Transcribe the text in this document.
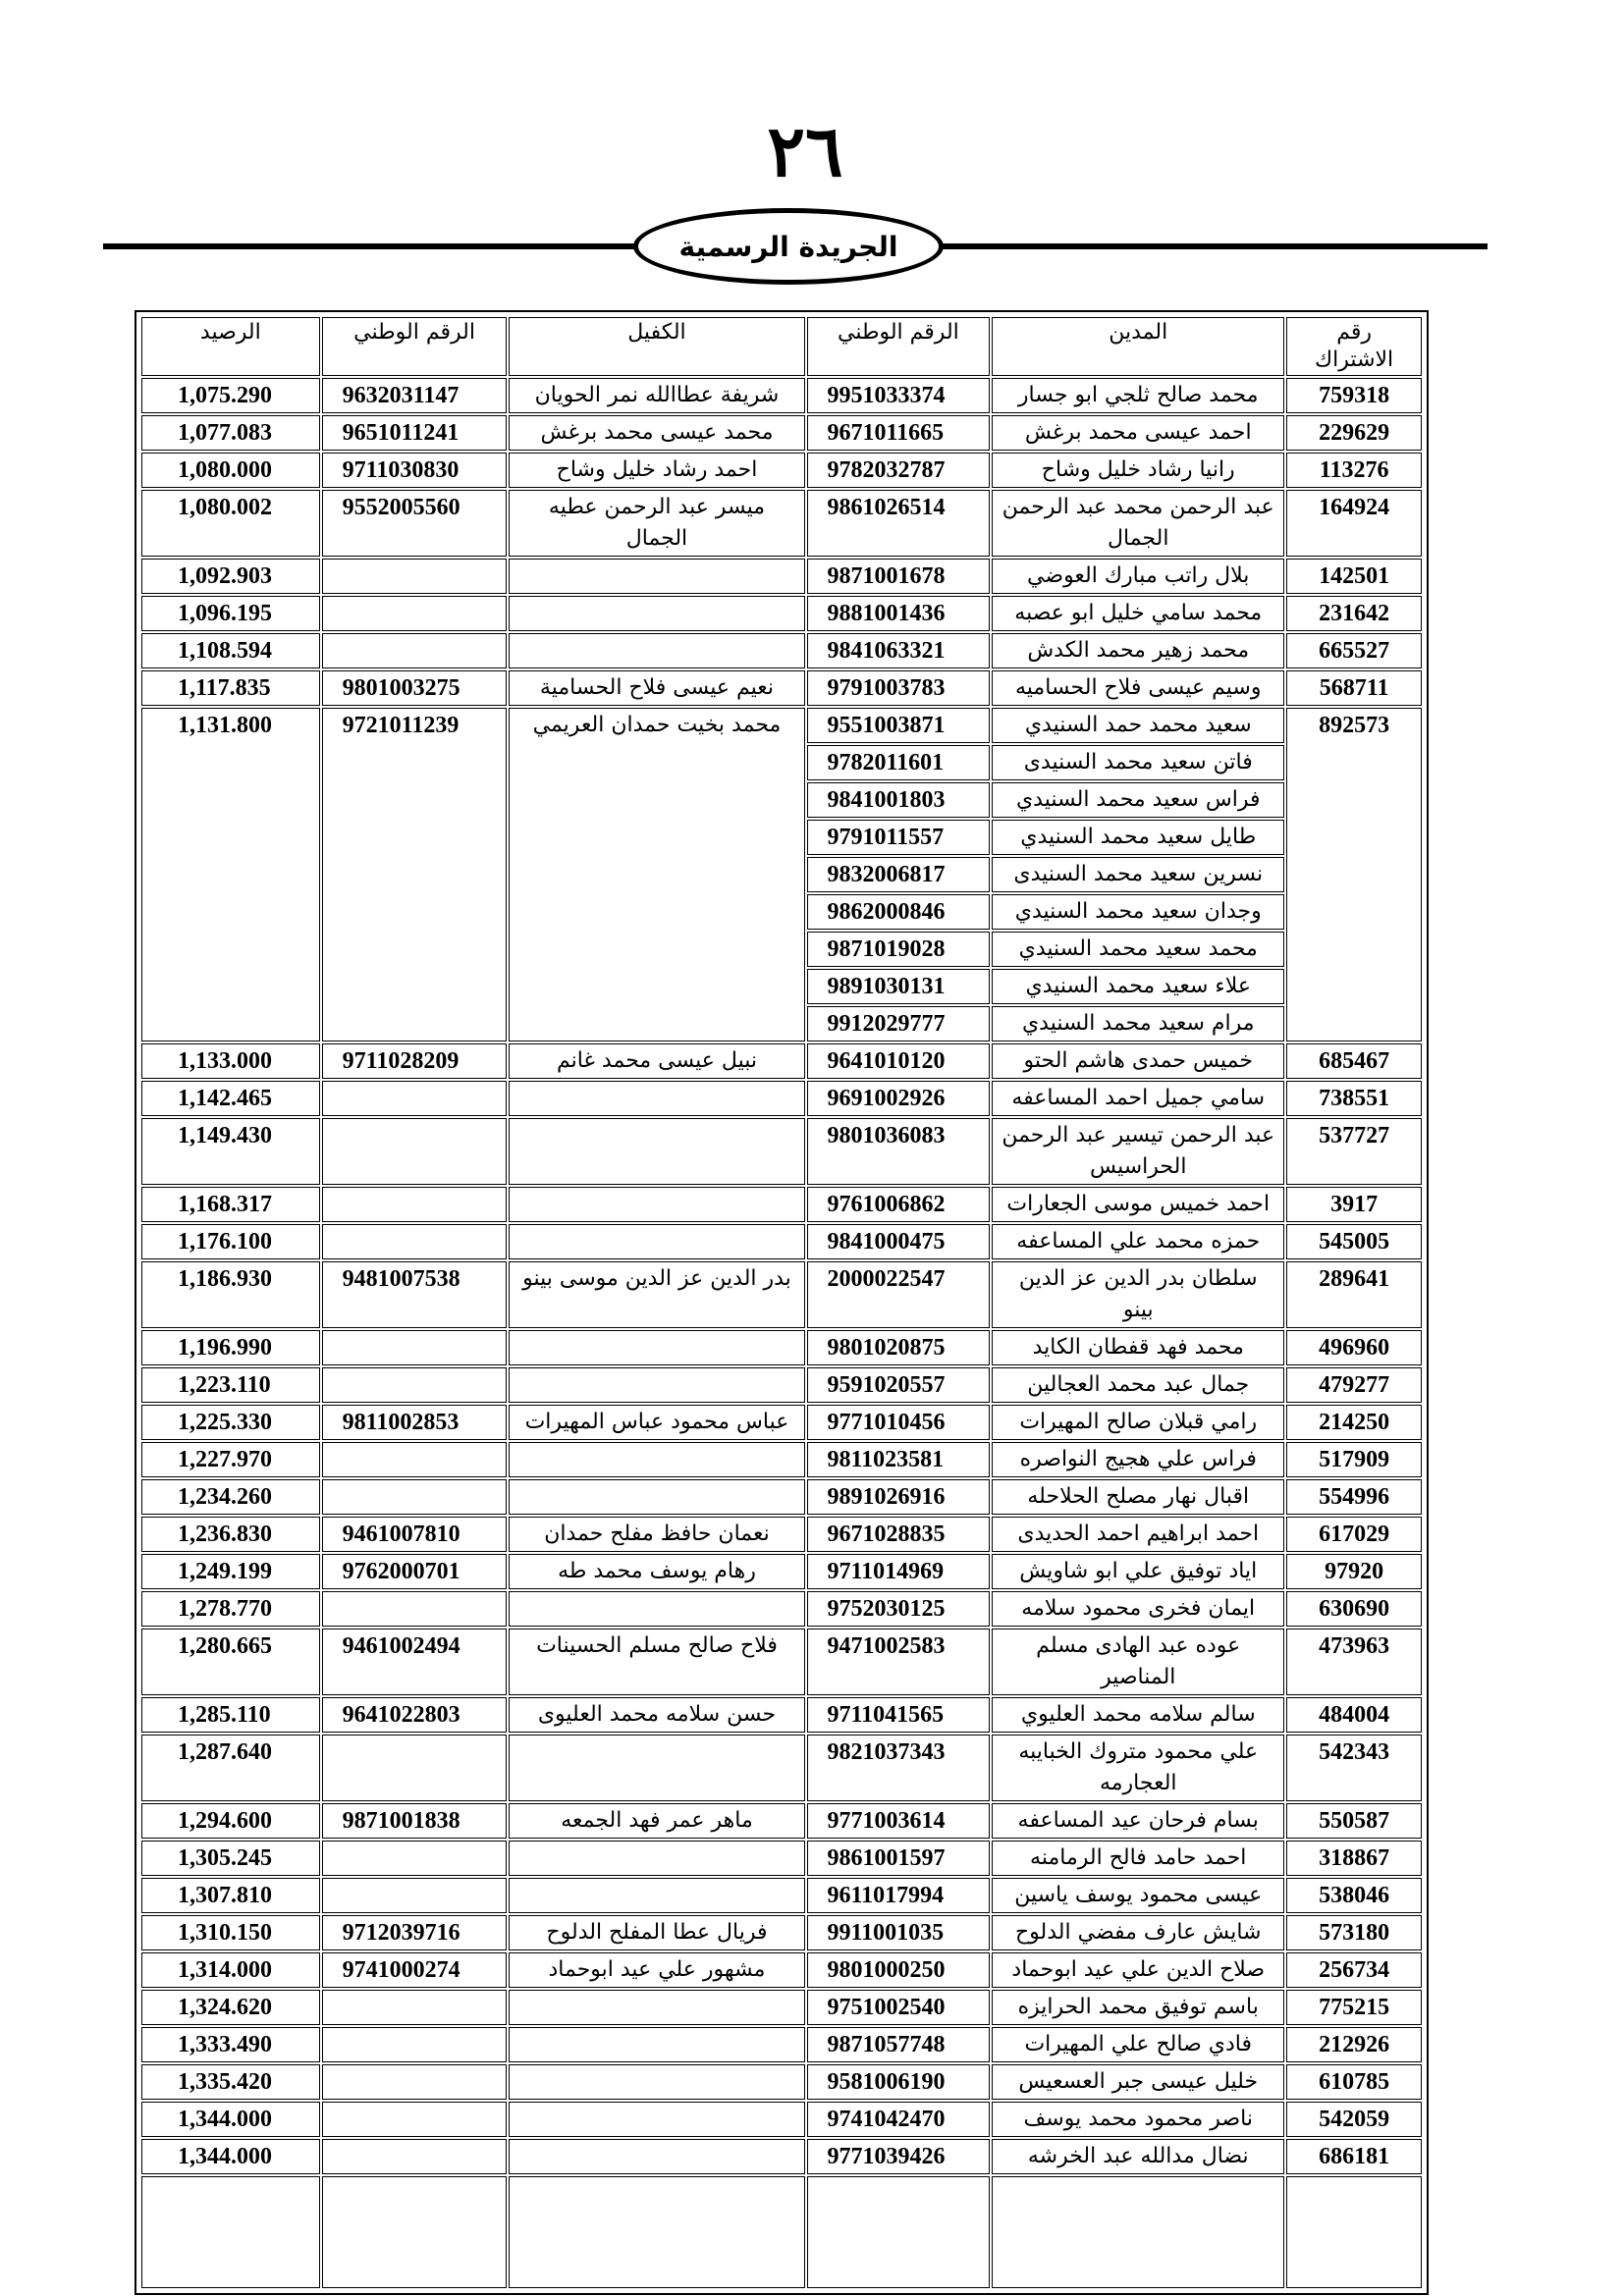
٢٦
الجريدة الرسمية
رقم الاشتراك	المدين	الرقم الوطني	الكفيل	الرقم الوطني	الرصيد
759318	محمد صالح ثلجي ابو جسار	9951033374	شريفة عطاالله نمر الحويان	9632031147	1,075.290
229629	احمد عيسى محمد برغش	9671011665	محمد عيسى محمد برغش	9651011241	1,077.083
113276	رانيا رشاد خليل وشاح	9782032787	احمد رشاد خليل وشاح	9711030830	1,080.000
164924	عبد الرحمن محمد عبد الرحمن الجمال	9861026514	ميسر عبد الرحمن عطيه الجمال	9552005560	1,080.002
142501	بلال راتب مبارك العوضي	9871001678			1,092.903
231642	محمد سامي خليل ابو عصبه	9881001436			1,096.195
665527	محمد زهير محمد الكدش	9841063321			1,108.594
568711	وسيم عيسى فلاح الحساميه	9791003783	نعيم عيسى فلاح الحسامية	9801003275	1,117.835
892573	سعيد محمد حمد السنيدي	9551003871	محمد بخيت حمدان العريمي	9721011239	1,131.800
	فاتن سعيد محمد السنيدى	9782011601			
	فراس سعيد محمد السنيدي	9841001803			
	طايل سعيد محمد السنيدي	9791011557			
	نسرين سعيد محمد السنيدى	9832006817			
	وجدان سعيد محمد السنيدي	9862000846			
	محمد سعيد محمد السنيدي	9871019028			
	علاء سعيد محمد السنيدي	9891030131			
	مرام سعيد محمد السنيدي	9912029777			
685467	خميس حمدى هاشم الحتو	9641010120	نبيل عيسى محمد غانم	9711028209	1,133.000
738551	سامي جميل احمد المساعفه	9691002926			1,142.465
537727	عبد الرحمن تيسير عبد الرحمن الحراسيس	9801036083			1,149.430
3917	احمد خميس موسى الجعارات	9761006862			1,168.317
545005	حمزه محمد علي المساعفه	9841000475			1,176.100
289641	سلطان بدر الدين عز الدين بينو	2000022547	بدر الدين عز الدين موسى بينو	9481007538	1,186.930
496960	محمد فهد قفطان الكايد	9801020875			1,196.990
479277	جمال عبد محمد العجالين	9591020557			1,223.110
214250	رامي قبلان صالح المهيرات	9771010456	عباس محمود عباس المهيرات	9811002853	1,225.330
517909	فراس علي هجيج النواصره	9811023581			1,227.970
554996	اقبال نهار مصلح الحلاحله	9891026916			1,234.260
617029	احمد ابراهيم احمد الحديدى	9671028835	نعمان حافظ مفلح حمدان	9461007810	1,236.830
97920	اياد توفيق علي ابو شاويش	9711014969	رهام يوسف محمد طه	9762000701	1,249.199
630690	ايمان فخرى محمود سلامه	9752030125			1,278.770
473963	عوده عبد الهادى مسلم المناصير	9471002583	فلاح صالح مسلم الحسينات	9461002494	1,280.665
484004	سالم سلامه محمد العليوي	9711041565	حسن سلامه محمد العليوى	9641022803	1,285.110
542343	علي محمود متروك الخبايبه العجارمه	9821037343			1,287.640
550587	بسام فرحان عيد المساعفه	9771003614	ماهر عمر فهد الجمعه	9871001838	1,294.600
318867	احمد حامد فالح الرمامنه	9861001597			1,305.245
538046	عيسى محمود يوسف ياسين	9611017994			1,307.810
573180	شايش عارف مفضي الدلوح	9911001035	فريال عطا المفلح الدلوح	9712039716	1,310.150
256734	صلاح الدين علي عيد ابوحماد	9801000250	مشهور علي عيد ابوحماد	9741000274	1,314.000
775215	باسم توفيق محمد الحرايزه	9751002540			1,324.620
212926	فادي صالح علي المهيرات	9871057748			1,333.490
610785	خليل عيسى جبر العسعيس	9581006190			1,335.420
542059	ناصر محمود محمد يوسف	9741042470			1,344.000
686181	نضال مدالله عبد الخرشه	9771039426			1,344.000
